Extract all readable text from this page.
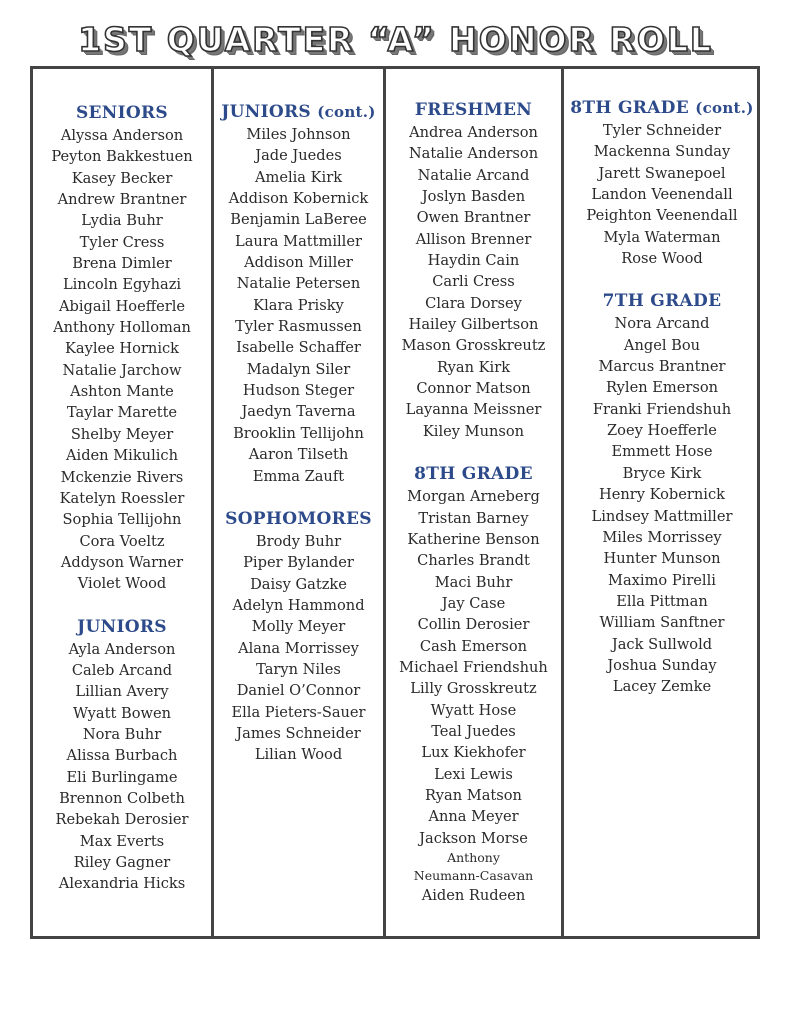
1ST QUARTER “A” HONOR ROLL
SENIORS
Alyssa Anderson
Peyton Bakkestuen
Kasey Becker
Andrew Brantner
Lydia Buhr
Tyler Cress
Brena Dimler
Lincoln Egyhazi
Abigail Hoefferle
Anthony Holloman
Kaylee Hornick
Natalie Jarchow
Ashton Mante
Taylar Marette
Shelby Meyer
Aiden Mikulich
Mckenzie Rivers
Katelyn Roessler
Sophia Tellijohn
Cora Voeltz
Addyson Warner
Violet Wood
JUNIORS
Ayla Anderson
Caleb Arcand
Lillian Avery
Wyatt Bowen
Nora Buhr
Alissa Burbach
Eli Burlingame
Brennon Colbeth
Rebekah Derosier
Max Everts
Riley Gagner
Alexandria Hicks
JUNIORS (cont.)
Miles Johnson
Jade Juedes
Amelia Kirk
Addison Kobernick
Benjamin LaBeree
Laura Mattmiller
Addison Miller
Natalie Petersen
Klara Prisky
Tyler Rasmussen
Isabelle Schaffer
Madalyn Siler
Hudson Steger
Jaedyn Taverna
Brooklin Tellijohn
Aaron Tilseth
Emma Zauft
SOPHOMORES
Brody Buhr
Piper Bylander
Daisy Gatzke
Adelyn Hammond
Molly Meyer
Alana Morrissey
Taryn Niles
Daniel O’Connor
Ella Pieters-Sauer
James Schneider
Lilian Wood
FRESHMEN
Andrea Anderson
Natalie Anderson
Natalie Arcand
Joslyn Basden
Owen Brantner
Allison Brenner
Haydin Cain
Carli Cress
Clara Dorsey
Hailey Gilbertson
Mason Grosskreutz
Ryan Kirk
Connor Matson
Layanna Meissner
Kiley Munson
8TH GRADE
Morgan Arneberg
Tristan Barney
Katherine Benson
Charles Brandt
Maci Buhr
Jay Case
Collin Derosier
Cash Emerson
Michael Friendshuh
Lilly Grosskreutz
Wyatt Hose
Teal Juedes
Lux Kiekhofer
Lexi Lewis
Ryan Matson
Anna Meyer
Jackson Morse
Anthony
Neumann-Casavan
Aiden Rudeen
8TH GRADE (cont.)
Tyler Schneider
Mackenna Sunday
Jarett Swanepoel
Landon Veenendall
Peighton Veenendall
Myla Waterman
Rose Wood
7TH GRADE
Nora Arcand
Angel Bou
Marcus Brantner
Rylen Emerson
Franki Friendshuh
Zoey Hoefferle
Emmett Hose
Bryce Kirk
Henry Kobernick
Lindsey Mattmiller
Miles Morrissey
Hunter Munson
Maximo Pirelli
Ella Pittman
William Sanftner
Jack Sullwold
Joshua Sunday
Lacey Zemke
